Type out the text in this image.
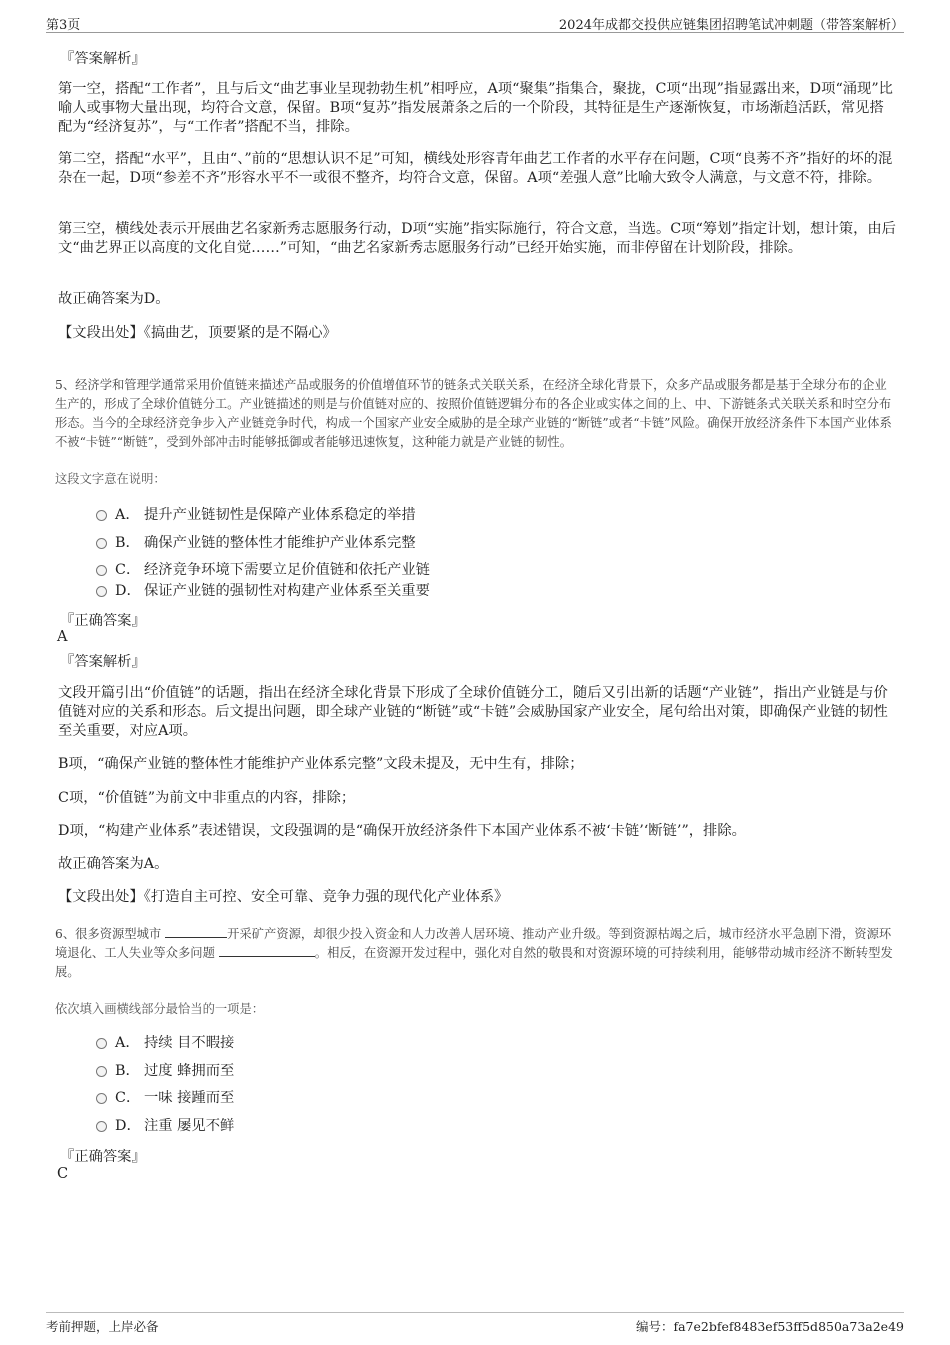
第3页	2024年成都交投供应链集团招聘笔试冲刺题（带答案解析）

『答案解析』

第一空，搭配“工作者”，且与后文“曲艺事业呈现勃勃生机”相呼应，A项“聚集”指集合，聚拢，C项“出现”指显露出来，D项“涌现”比喻人或事物大量出现，均符合文意，保留。B项“复苏”指发展萧条之后的一个阶段，其特征是生产逐渐恢复，市场渐趋活跃，常见搭配为“经济复苏”，与“工作者”搭配不当，排除。

第二空，搭配“水平”，且由“、”前的“思想认识不足”可知，横线处形容青年曲艺工作者的水平存在问题，C项“良莠不齐”指好的坏的混杂在一起，D项“参差不齐”形容水平不一或很不整齐，均符合文意，保留。A项“差强人意”比喻大致令人满意，与文意不符，排除。

第三空，横线处表示开展曲艺名家新秀志愿服务行动，D项“实施”指实际施行，符合文意，当选。C项“筹划”指定计划，想计策，由后文“曲艺界正以高度的文化自觉……”可知，“曲艺名家新秀志愿服务行动”已经开始实施，而非停留在计划阶段，排除。

故正确答案为D。

【文段出处】《搞曲艺，顶要紧的是不隔心》

5、经济学和管理学通常采用价值链来描述产品或服务的价值增值环节的链条式关联关系，在经济全球化背景下，众多产品或服务都是基于全球分布的企业生产的，形成了全球价值链分工。产业链描述的则是与价值链对应的、按照价值链逻辑分布的各企业或实体之间的上、中、下游链条式关联关系和时空分布形态。当今的全球经济竞争步入产业链竞争时代，构成一个国家产业安全威胁的是全球产业链的“断链”或者“卡链”风险。确保开放经济条件下本国产业体系不被“卡链”“断链”，受到外部冲击时能够抵御或者能够迅速恢复，这种能力就是产业链的韧性。

这段文字意在说明：

A． 提升产业链韧性是保障产业体系稳定的举措
B． 确保产业链的整体性才能维护产业体系完整
C． 经济竞争环境下需要立足价值链和依托产业链
D． 保证产业链的强韧性对构建产业体系至关重要

『正确答案』

A

『答案解析』

文段开篇引出“价值链”的话题，指出在经济全球化背景下形成了全球价值链分工，随后又引出新的话题“产业链”，指出产业链是与价值链对应的关系和形态。后文提出问题，即全球产业链的“断链”或“卡链”会威胁国家产业安全，尾句给出对策，即确保产业链的韧性至关重要，对应A项。

B项，“确保产业链的整体性才能维护产业体系完整”文段未提及，无中生有，排除；

C项，“价值链”为前文中非重点的内容，排除；

D项，“构建产业体系”表述错误，文段强调的是“确保开放经济条件下本国产业体系不被‘卡链’‘断链’”，排除。

故正确答案为A。

【文段出处】《打造自主可控、安全可靠、竞争力强的现代化产业体系》

6、很多资源型城市	开采矿产资源，却很少投入资金和人力改善人居环境、推动产业升级。等到资源枯竭之后，城市经济水平急剧下滑，资源环境退化、工人失业等众多问题	。相反，在资源开发过程中，强化对自然的敬畏和对资源环境的可持续利用，能够带动城市经济不断转型发展。

依次填入画横线部分最恰当的一项是：

A． 持续 目不暇接
B． 过度 蜂拥而至
C． 一味 接踵而至
D． 注重 屡见不鲜

『正确答案』

C

考前押题，上岸必备	编号：fa7e2bfef8483ef53ff5d850a73a2e49
